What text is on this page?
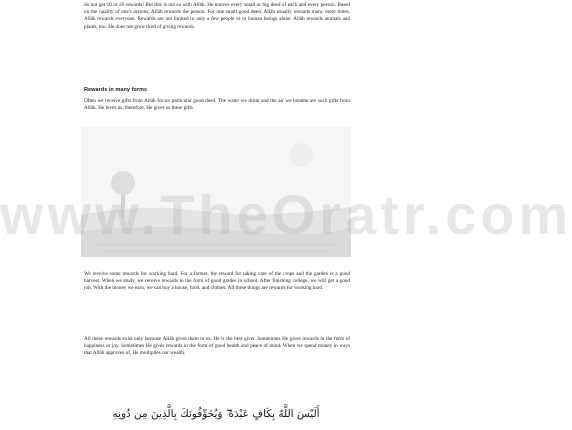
do not get 10 or 20 rewards! But this is not so with Allāh. He notices every small or big deed of each and every person. Based on the quality of one's actions, Allāh rewards the person. For one small good deed, Allāh usually rewards many more times. Allāh rewards everyone. Rewards are not limited to only a few people or to human beings alone. Allāh rewards animals and plants, too. He does not grow tired of giving rewards.

Rewards in many forms

Often we receive gifts from Allāh for no particular good deed. The water we drink and the air we breathe are such gifts from Allāh. He loves us, therefore, He gives us these gifts.

www.TheOratr.com

We receive some rewards for working hard. For a farmer, the reward for taking care of the crops and the garden is a good harvest. When we study, we receive rewards in the form of good grades in school. After finishing college, we will get a good job. With the money we earn, we can buy a house, food, and clothes. All these things are rewards for working hard.

All these rewards exist only because Allāh gives them to us. He is the best giver. Sometimes He gives rewards in the form of happiness or joy. Sometimes He gives rewards in the form of good health and peace of mind. When we spend money in ways that Allāh approves of, He multiplies our wealth.

أَلَيْسَ اللَّهُ بِكَافٍ عَبْدَهُ ۖ وَيُخَوِّفُونَكَ بِالَّذِينَ مِن دُونِهِ
